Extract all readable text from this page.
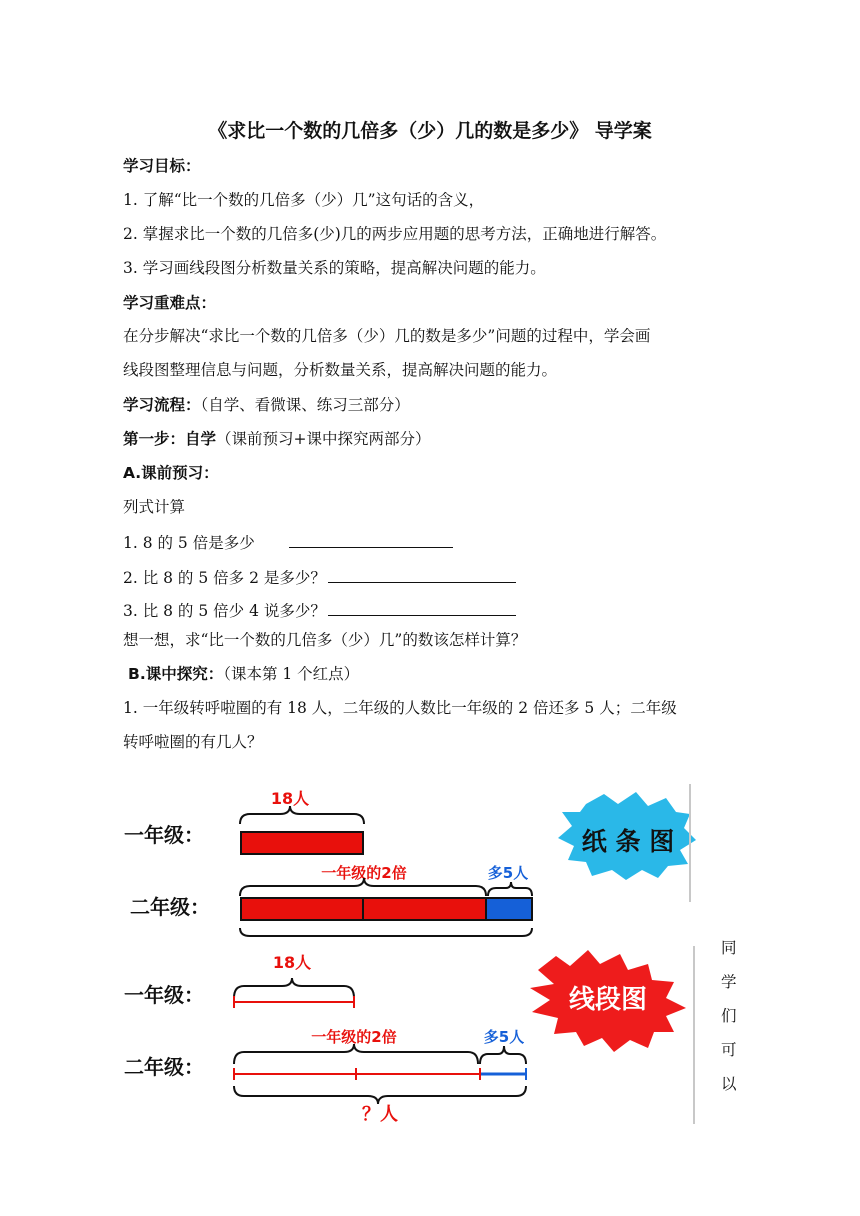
《求比一个数的几倍多（少）几的数是多少》 导学案
学习目标：
1. 了解“比一个数的几倍多（少）几”这句话的含义，
2. 掌握求比一个数的几倍多(少)几的两步应用题的思考方法，正确地进行解答。
3. 学习画线段图分析数量关系的策略，提高解决问题的能力。
学习重难点：
在分步解决“求比一个数的几倍多（少）几的数是多少”问题的过程中，学会画
线段图整理信息与问题，分析数量关系，提高解决问题的能力。
学习流程：（自学、看微课、练习三部分）
第一步：自学（课前预习+课中探究两部分）
A.课前预习：
列式计算
1. 8 的 5 倍是多少
2. 比 8 的 5 倍多 2 是多少？
3. 比 8 的 5 倍少 4 说多少？
想一想，求“比一个数的几倍多（少）几”的数该怎样计算？
B.课中探究：（课本第 1 个红点）
1. 一年级转呼啦圈的有 18 人，二年级的人数比一年级的 2 倍还多 5 人；二年级
转呼啦圈的有几人？
一年级：
二年级：
18人
一年级的2倍	多5人
纸 条 图
一年级：
二年级：
18人
一年级的2倍	多5人
？人
线段图
同
学
们
可
以
